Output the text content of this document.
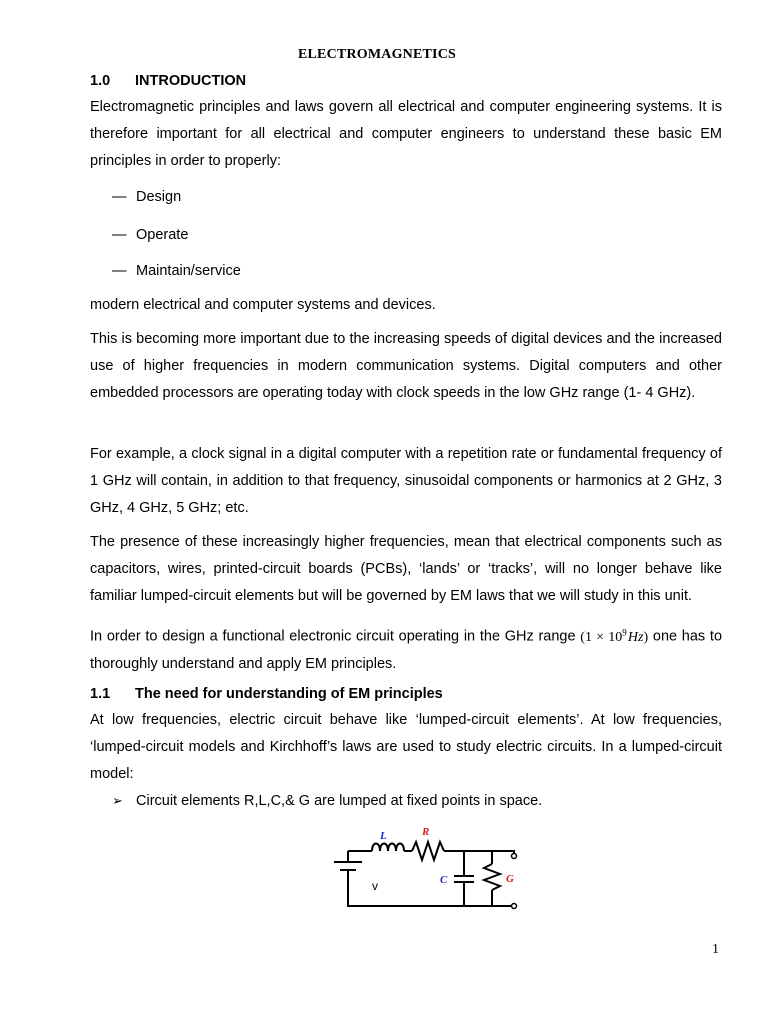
ELECTROMAGNETICS
1.0 INTRODUCTION
Electromagnetic principles and laws govern all electrical and computer engineering systems. It is therefore important for all electrical and computer engineers to understand these basic EM principles in order to properly:
— Design
— Operate
— Maintain/service
modern electrical and computer systems and devices.
This is becoming more important due to the increasing speeds of digital devices and the increased use of higher frequencies in modern communication systems. Digital computers and other embedded processors are operating today with clock speeds in the low GHz range (1- 4 GHz).
For example, a clock signal in a digital computer with a repetition rate or fundamental frequency of 1 GHz will contain, in addition to that frequency, sinusoidal components or harmonics at 2 GHz, 3 GHz, 4 GHz, 5 GHz; etc.
The presence of these increasingly higher frequencies, mean that electrical components such as capacitors, wires, printed-circuit boards (PCBs), ‘lands’ or ‘tracks’, will no longer behave like familiar lumped-circuit elements but will be governed by EM laws that we will study in this unit.
In order to design a functional electronic circuit operating in the GHz range ($1 \times 10^9$ Hz) one has to thoroughly understand and apply EM principles.
1.1 The need for understanding of EM principles
At low frequencies, electric circuit behave like ‘lumped-circuit elements’. At low frequencies, ‘lumped-circuit models and Kirchhoff’s laws are used to study electric circuits. In a lumped-circuit model:
➢ Circuit elements R,L,C,& G are lumped at fixed points in space.
L	R
C	G
v
1
